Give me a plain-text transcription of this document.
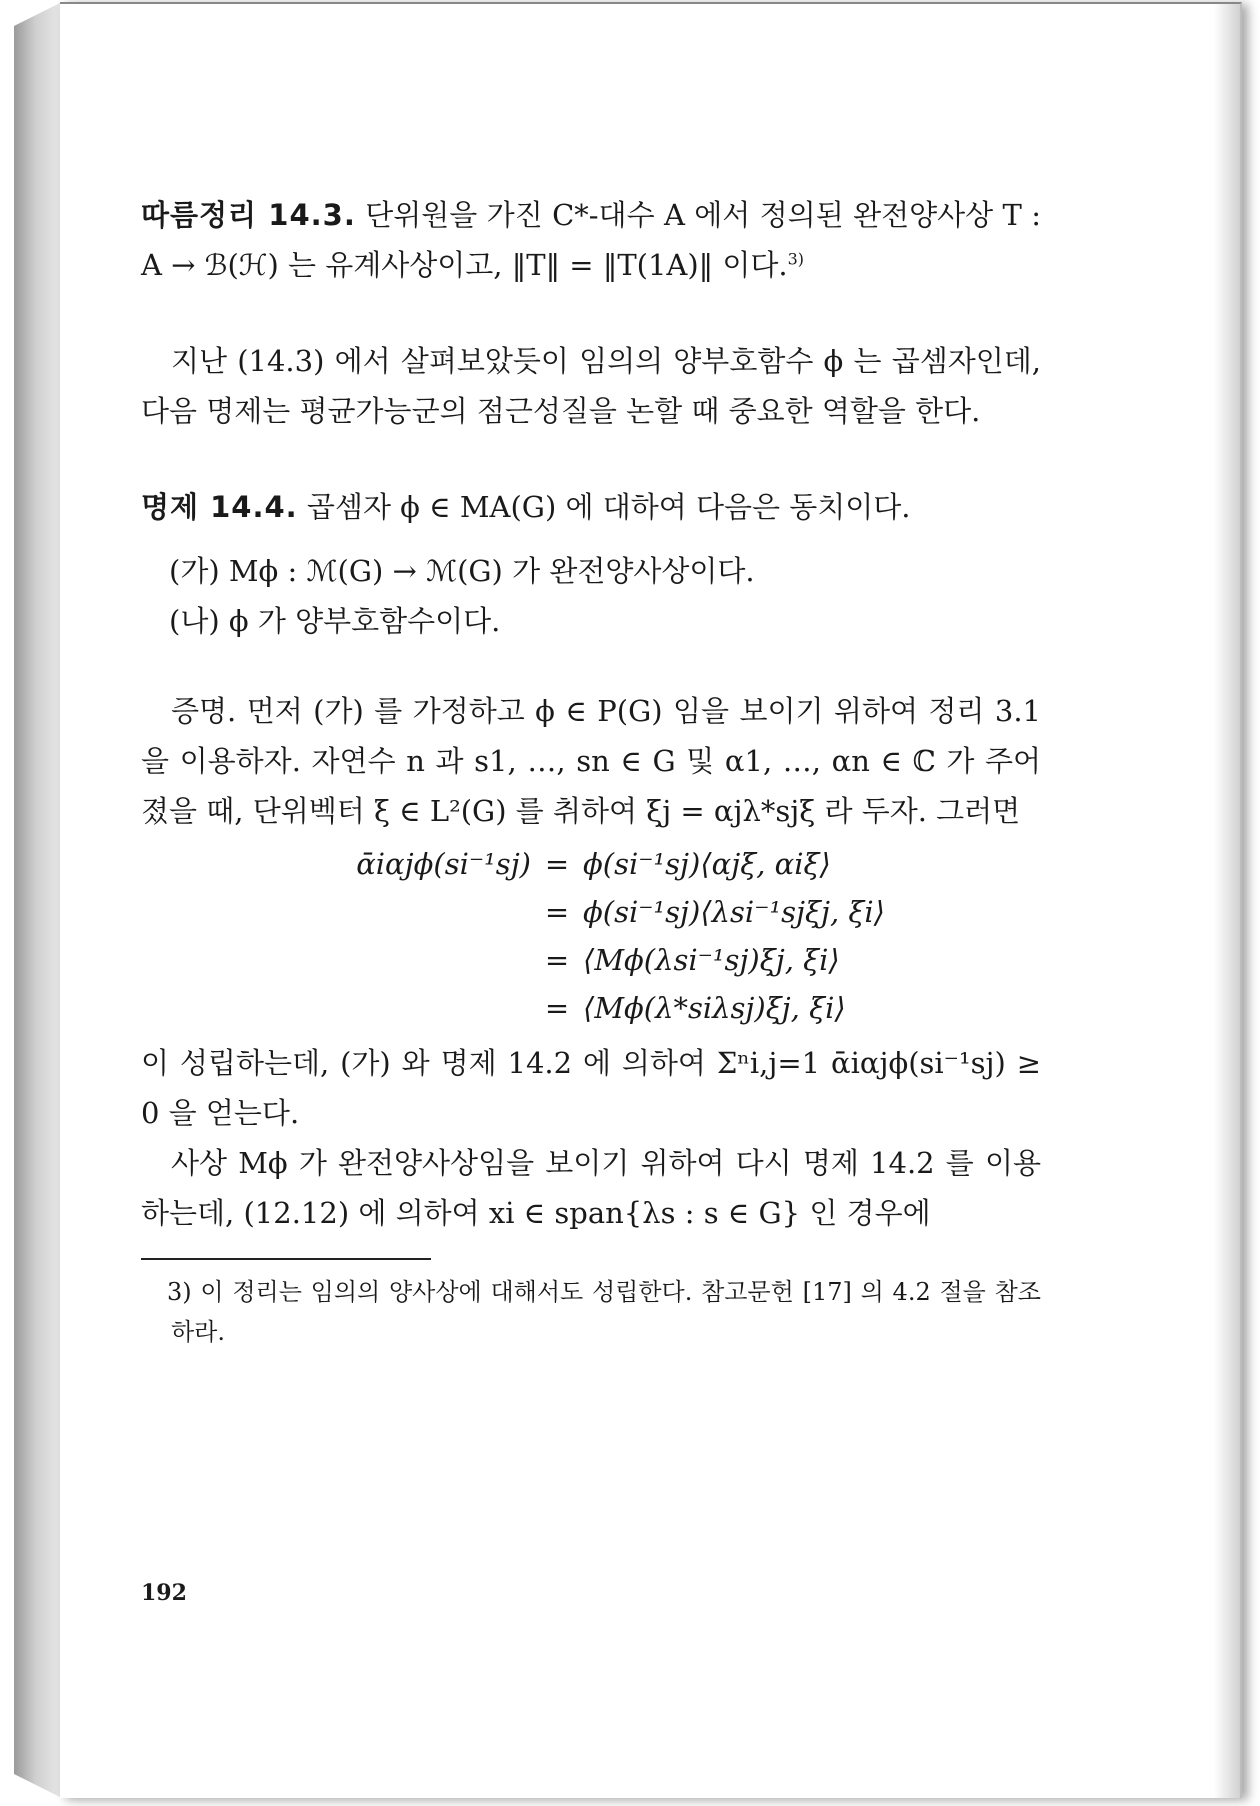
따름정리 14.3. 단위원을 가진 C*-대수 A 에서 정의된 완전양사상 T : A → ℬ(ℋ) 는 유계사상이고, ‖T‖ = ‖T(1A)‖ 이다.$^{3)}$

지난 (14.3) 에서 살펴보았듯이 임의의 양부호함수 ϕ 는 곱셈자인데, 다음 명제는 평균가능군의 점근성질을 논할 때 중요한 역할을 한다.

명제 14.4. 곱셈자 ϕ ∈ MA(G) 에 대하여 다음은 동치이다.

(가) Mϕ : ℳ(G) → ℳ(G) 가 완전양사상이다.

(나) ϕ 가 양부호함수이다.

증명. 먼저 (가) 를 가정하고 ϕ ∈ P(G) 임을 보이기 위하여 정리 3.1을 이용하자. 자연수 n 과 s1, …, sn ∈ G 및 α1, …, αn ∈ ℂ 가 주어졌을 때, 단위벡터 ξ ∈ L²(G) 를 취하여 ξj = αjλ*sjξ 라 두자. 그러면

ᾱiαjϕ(si⁻¹sj) = ϕ(si⁻¹sj)⟨αjξ, αiξ⟩
= ϕ(si⁻¹sj)⟨λsi⁻¹sjξj, ξi⟩
= ⟨Mϕ(λsi⁻¹sj)ξj, ξi⟩
= ⟨Mϕ(λ*siλsj)ξj, ξi⟩

이 성립하는데, (가) 와 명제 14.2 에 의하여 Σⁿi,j=1 ᾱiαjϕ(si⁻¹sj) ≥ 0 을 얻는다.

사상 Mϕ 가 완전양사상임을 보이기 위하여 다시 명제 14.2 를 이용하는데, (12.12) 에 의하여 xi ∈ span{λs : s ∈ G} 인 경우에

3) 이 정리는 임의의 양사상에 대해서도 성립한다. 참고문헌 [17] 의 4.2 절을 참조하라.

192
